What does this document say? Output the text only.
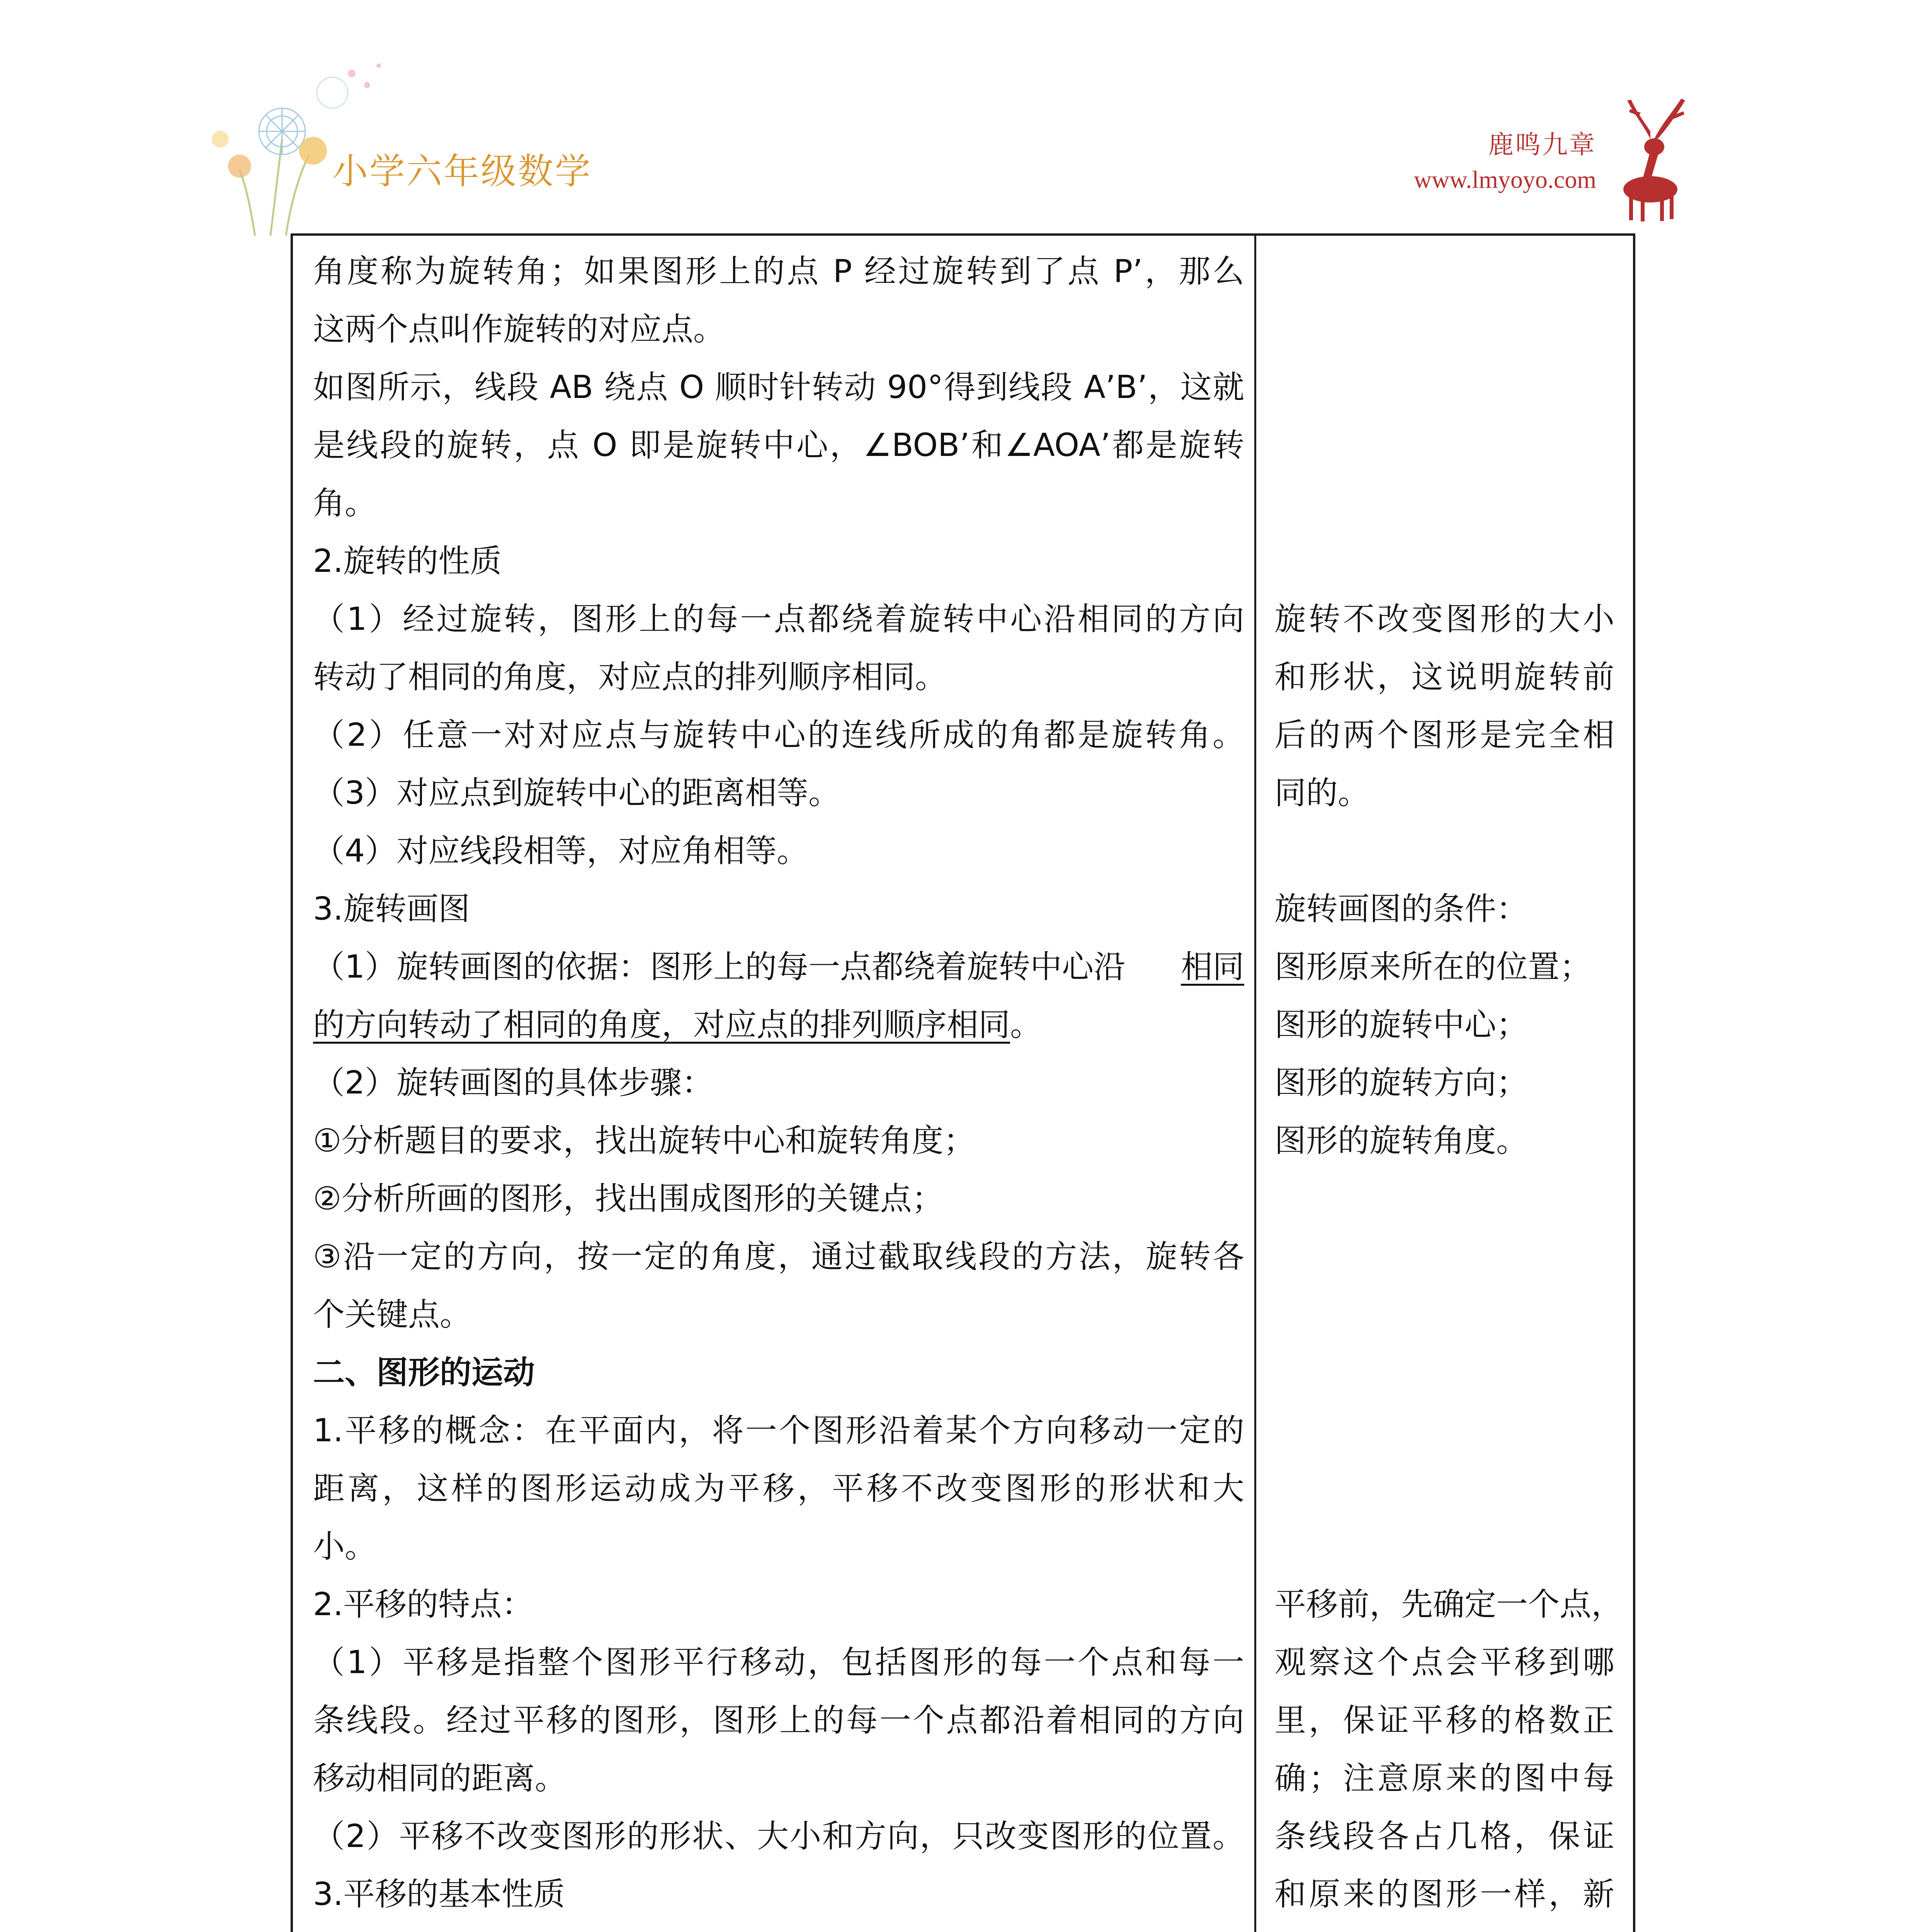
小学六年级数学
鹿鸣九章
www.lmyoyo.com
角度称为旋转角；如果图形上的点 P 经过旋转到了点 P’，那么
这两个点叫作旋转的对应点。
如图所示，线段 AB 绕点 O 顺时针转动 90°得到线段 A’B’，这就
是线段的旋转，点 O 即是旋转中心，∠BOB’和∠AOA’都是旋转
角。
2.旋转的性质
（1）经过旋转，图形上的每一点都绕着旋转中心沿相同的方向
转动了相同的角度，对应点的排列顺序相同。
（2）任意一对对应点与旋转中心的连线所成的角都是旋转角。
（3）对应点到旋转中心的距离相等。
（4）对应线段相等，对应角相等。
3.旋转画图
（1）旋转画图的依据：图形上的每一点都绕着旋转中心沿 相同
的方向转动了相同的角度，对应点的排列顺序相同。
（2）旋转画图的具体步骤：
①分析题目的要求，找出旋转中心和旋转角度；
②分析所画的图形，找出围成图形的关键点；
③沿一定的方向，按一定的角度，通过截取线段的方法，旋转各
个关键点。
二、图形的运动
1.平移的概念：在平面内，将一个图形沿着某个方向移动一定的
距离，这样的图形运动成为平移，平移不改变图形的形状和大
小。
2.平移的特点：
（1）平移是指整个图形平行移动，包括图形的每一个点和每一
条线段。经过平移的图形，图形上的每一个点都沿着相同的方向
移动相同的距离。
（2）平移不改变图形的形状、大小和方向，只改变图形的位置。
3.平移的基本性质
旋转不改变图形的大小
和形状，这说明旋转前
后的两个图形是完全相
同的。
旋转画图的条件：
图形原来所在的位置；
图形的旋转中心；
图形的旋转方向；
图形的旋转角度。
平移前，先确定一个点，
观察这个点会平移到哪
里，保证平移的格数正
确；注意原来的图中每
条线段各占几格，保证
和原来的图形一样，新
